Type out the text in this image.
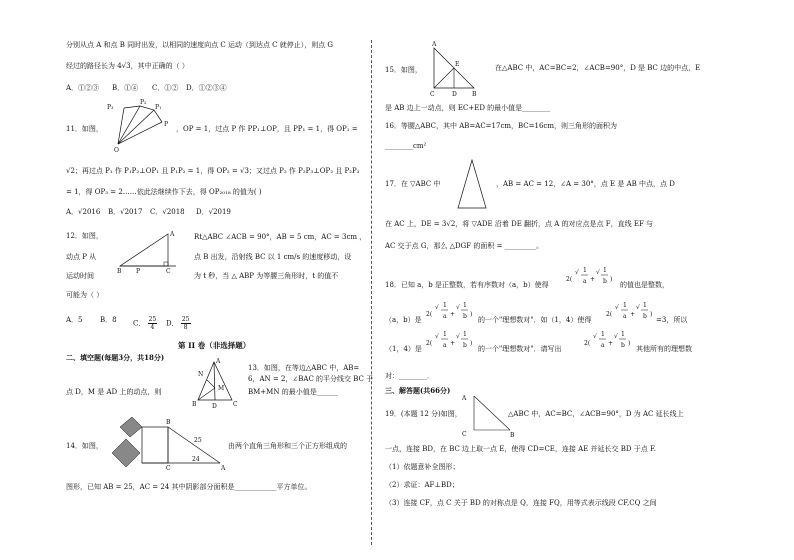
分别从点 A 和点 B 同时出发，以相同的速度向点 C 运动（到达点 C 就停止），则点 G
经过的路径长为 4√3，其中正确的（ ）
A．①②③ B．①④ C．①② D．①②③④
11．如图，
P
P₁
P₂
P₃
O
，OP = 1，过点 P 作 PP₁⊥OP，且 PP₁ = 1，得 OP₁ =
√2；再过点 P₁ 作 P₁P₂⊥OP₁ 且 P₁P₂ = 1，得 OP₂ = √3；又过点 P₂ 作 P₂P₃⊥OP₂ 且 P₂P₃
= 1，得 OP₃ = 2……依此法继续作下去，得 OP₂₀₁₈ 的值为( )
A．√2016 B．√2017 C．√2018 D．√2019
12．如图，
动点 P 从
运动时间
可能为（ ）
A
C
B P
Rt△ABC ∠ACB = 90°，AB = 5 cm，AC = 3cm ，
点 B 出发，沿射线 BC 以 1 cm/s 的速度移动，设
为 t 秒，当 △ ABP 为等腰三角形时，t 的值不
A．5 B．8 C． $\frac{25}{4}$ D． $\frac{25}{8}$
第 II 卷（非选择题）
二、填空题(每题3分，共18分)	A
N
M
B	D	C
13．如图，在等边△ABC 中，AB=
6，AN = 2，∠BAC 的平分线交 BC 于
BM+MN 的最小值是______
点 D，M 是 AD 上的动点，则
14．如图，
B
A
C
25
24
由两个直角三角形和三个正方形组成的
图形，已知 AB = 25，AC = 24 其中阴影部分面积是____________平方单位。
A
E
C	D	B
15．如图，	在△ABC 中，AC=BC=2，∠ACB=90°，D 是 BC 边的中点，E
是 AB 边上一动点，则 EC+ED 的最小值是________
16．等腰△ABC，其中 AB=AC=17cm，BC=16cm，则三角形的面积为
________cm²
17．在 ▽ABC 中	，AB = AC = 12，∠A = 30°，点 E 是 AB 中点，点 D
在 AC 上，DE = 3√2，将 ▽ADE 沿着 DE 翻折，点 A 的对应点是点 F，直线 EF 与
AC 交于点 G，那么 △DGF 的面积 = _________。
18．已知 a，b 是正整数，若有序数对（a，b）使得
2(
√ 1
a +
√ 1
b )
的值也是整数，
（a，b）是
2(
√ 1
a +
√ 1
b )
的一个"理想数对"．如（1，4）使得
2(
√ 1
a +
√ 1
b )
=3，所以
（1，4）是
2(
√ 1
a +
√ 1
b )
的一个"理想数对"．请写出
2(
√ 1
a +
√ 1
b )
其他所有的理想数
对：________．
三、解答题(共66分)
A
C	B
19．(本题 12 分)如图，	△ABC 中，AC=BC，∠ACB=90°，D 为 AC 延长线上
一点，连接 BD，在 BC 边上取一点 E，使得 CD=CE，连接 AE 并延长交 BD 于点 F.
（1）依题意补全图形；
（2）求证：AF⊥BD；
（3）连接 CF，点 C 关于 BD 的对称点是 Q，连接 FQ，用等式表示线段 CF,CQ 之间
